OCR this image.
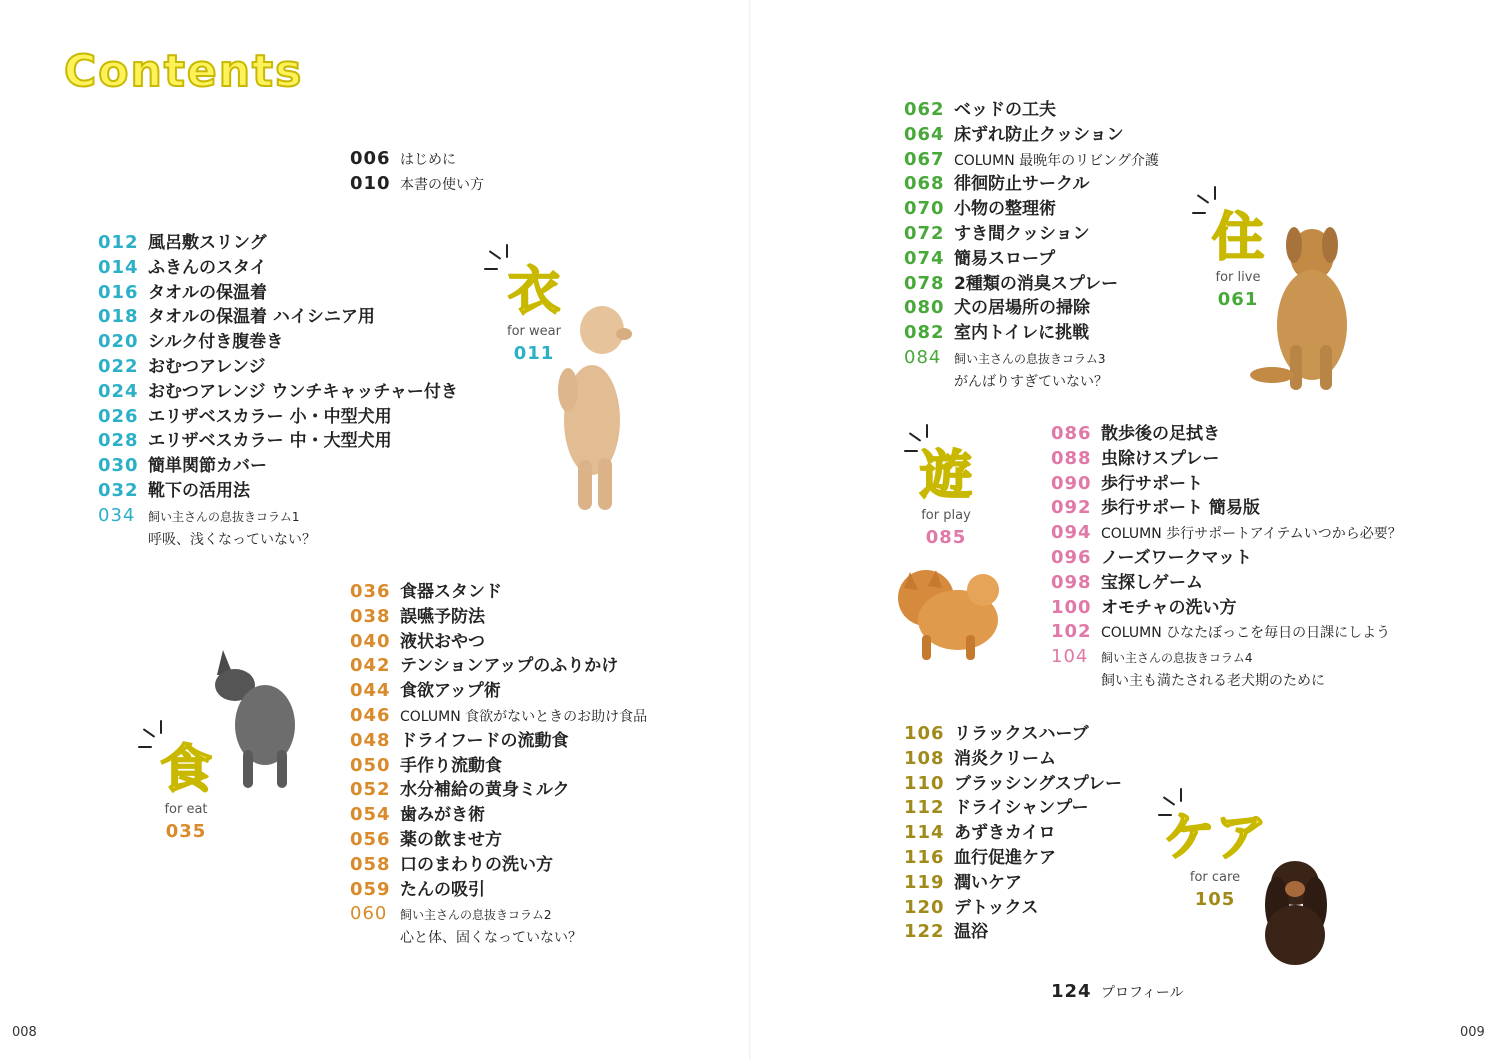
Contents
006 はじめに
010 本書の使い方
012 風呂敷スリング
014 ふきんのスタイ
016 タオルの保温着
018 タオルの保温着 ハイシニア用
020 シルク付き腹巻き
022 おむつアレンジ
024 おむつアレンジ ウンチキャッチャー付き
026 エリザベスカラー 小・中型犬用
028 エリザベスカラー 中・大型犬用
030 簡単関節カバー
032 靴下の活用法
034 飼い主さんの息抜きコラム1
呼吸、浅くなっていない？
衣
for wear
011
食
for eat
035
036 食器スタンド
038 誤嚥予防法
040 液状おやつ
042 テンションアップのふりかけ
044 食欲アップ術
046 COLUMN 食欲がないときのお助け食品
048 ドライフードの流動食
050 手作り流動食
052 水分補給の黄身ミルク
054 歯みがき術
056 薬の飲ませ方
058 口のまわりの洗い方
059 たんの吸引
060 飼い主さんの息抜きコラム2
心と体、固くなっていない？
062 ベッドの工夫
064 床ずれ防止クッション
067 COLUMN 最晩年のリビング介護
068 徘徊防止サークル
070 小物の整理術
072 すき間クッション
074 簡易スロープ
078 2種類の消臭スプレー
080 犬の居場所の掃除
082 室内トイレに挑戦
084 飼い主さんの息抜きコラム3
がんばりすぎていない？
住
for live
061
遊
for play
085
086 散歩後の足拭き
088 虫除けスプレー
090 歩行サポート
092 歩行サポート 簡易版
094 COLUMN 歩行サポートアイテムいつから必要？
096 ノーズワークマット
098 宝探しゲーム
100 オモチャの洗い方
102 COLUMN ひなたぼっこを毎日の日課にしよう
104 飼い主さんの息抜きコラム4
飼い主も満たされる老犬期のために
106 リラックスハーブ
108 消炎クリーム
110 ブラッシングスプレー
112 ドライシャンプー
114 あずきカイロ
116 血行促進ケア
119 潤いケア
120 デトックス
122 温浴
ケア
for care
105
124 プロフィール
008	009
